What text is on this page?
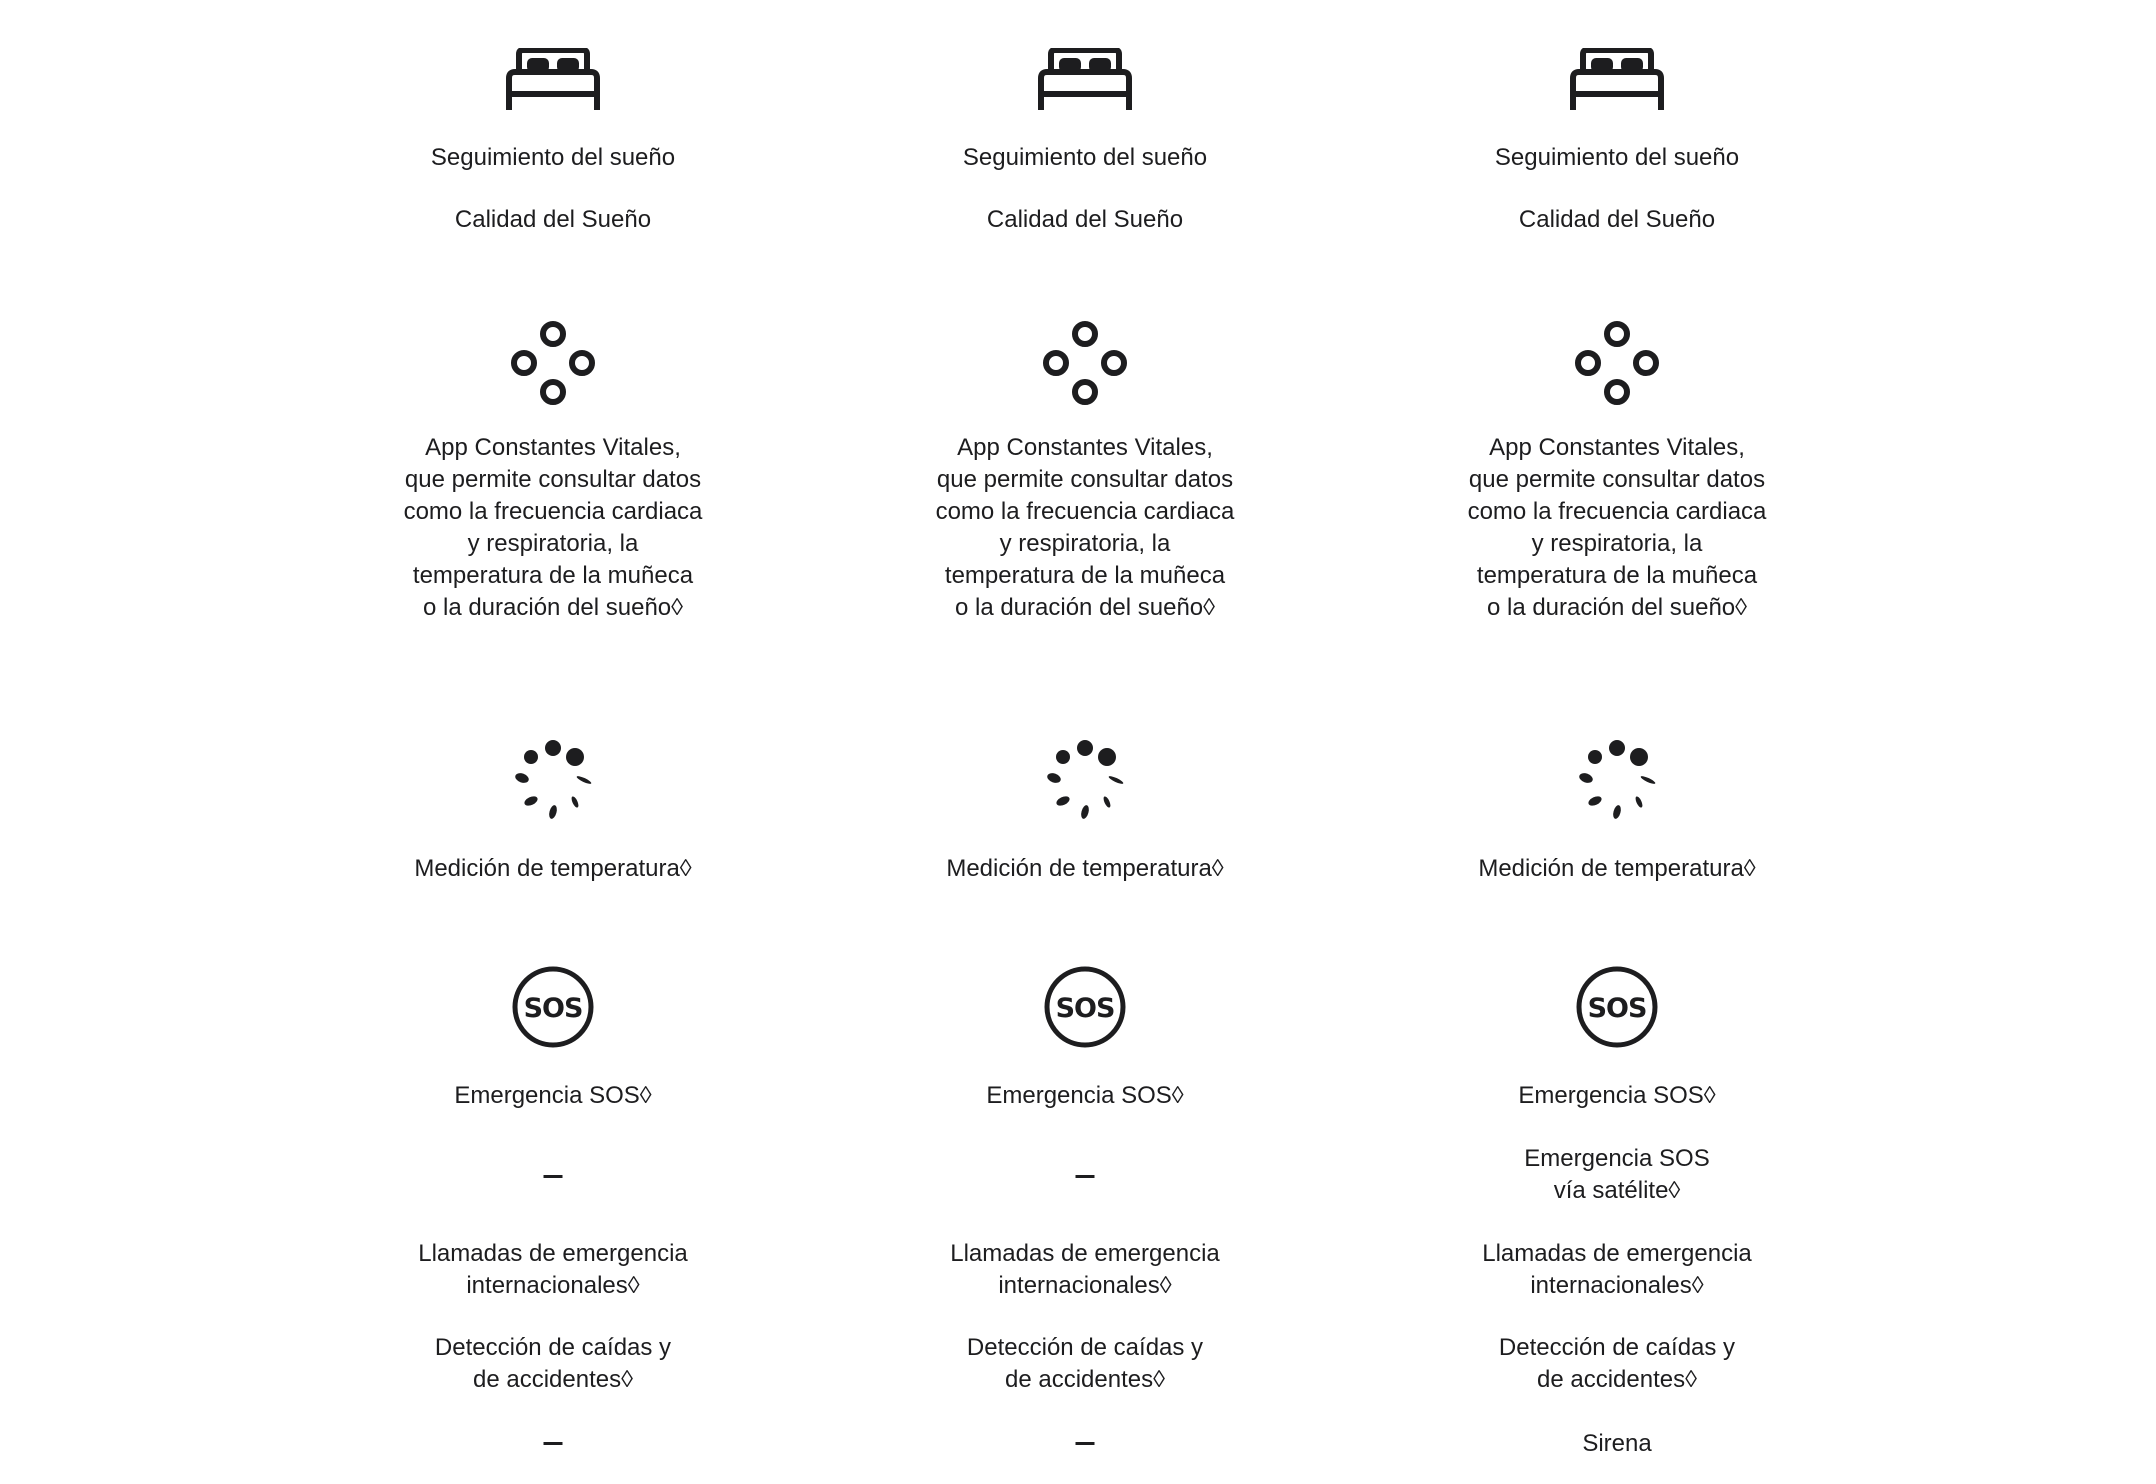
Seguimiento del sueño
Calidad del Sueño
App Constantes Vitales, que permite consultar datos como la frecuencia cardiaca y respiratoria, la temperatura de la muñeca o la duración del sueño◊
Medición de temperatura◊
SOS
Emergencia SOS◊
Llamadas de emergencia internacionales◊
Detección de caídas y de accidentes◊
Seguimiento del sueño
Calidad del Sueño
App Constantes Vitales, que permite consultar datos como la frecuencia cardiaca y respiratoria, la temperatura de la muñeca o la duración del sueño◊
Medición de temperatura◊
SOS
Emergencia SOS◊
Llamadas de emergencia internacionales◊
Detección de caídas y de accidentes◊
Seguimiento del sueño
Calidad del Sueño
App Constantes Vitales, que permite consultar datos como la frecuencia cardiaca y respiratoria, la temperatura de la muñeca o la duración del sueño◊
Medición de temperatura◊
SOS
Emergencia SOS◊
Emergencia SOS vía satélite◊
Llamadas de emergencia internacionales◊
Detección de caídas y de accidentes◊
Sirena
